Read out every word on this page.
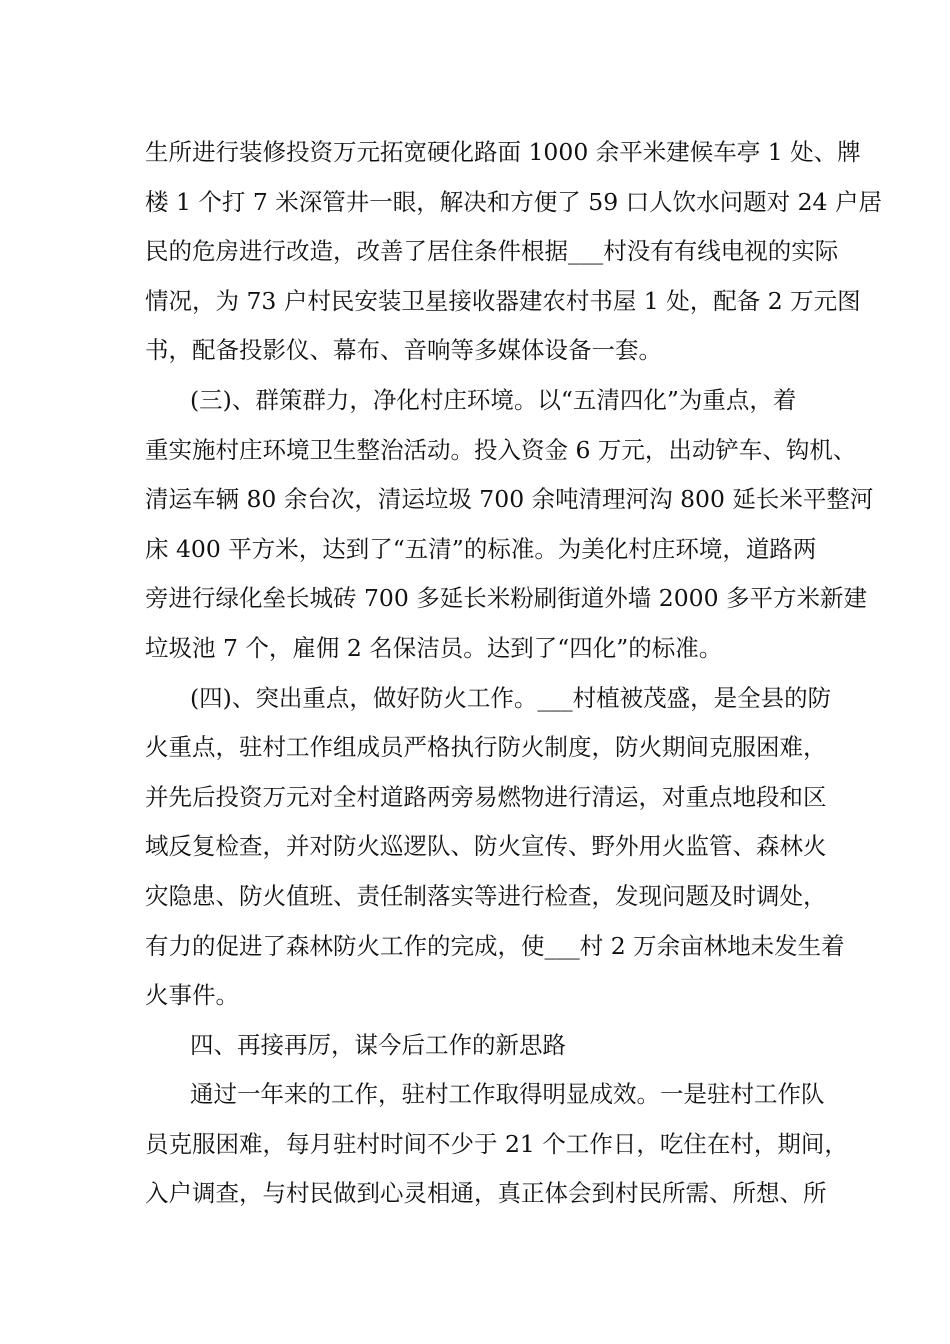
生所进行装修投资万元拓宽硬化路面 1000 余平米建候车亭 1 处、牌
楼 1 个打 7 米深管井一眼，解决和方便了 59 口人饮水问题对 24 户居
民的危房进行改造，改善了居住条件根据___村没有有线电视的实际
情况，为 73 户村民安装卫星接收器建农村书屋 1 处，配备 2 万元图
书，配备投影仪、幕布、音响等多媒体设备一套。
(三)、群策群力，净化村庄环境。以“五清四化”为重点，着
重实施村庄环境卫生整治活动。投入资金 6 万元，出动铲车、钩机、
清运车辆 80 余台次，清运垃圾 700 余吨清理河沟 800 延长米平整河
床 400 平方米，达到了“五清”的标准。为美化村庄环境，道路两
旁进行绿化垒长城砖 700 多延长米粉刷街道外墙 2000 多平方米新建
垃圾池 7 个，雇佣 2 名保洁员。达到了“四化”的标准。
(四)、突出重点，做好防火工作。___村植被茂盛，是全县的防
火重点，驻村工作组成员严格执行防火制度，防火期间克服困难，
并先后投资万元对全村道路两旁易燃物进行清运，对重点地段和区
域反复检查，并对防火巡逻队、防火宣传、野外用火监管、森林火
灾隐患、防火值班、责任制落实等进行检查，发现问题及时调处，
有力的促进了森林防火工作的完成，使___村 2 万余亩林地未发生着
火事件。
四、再接再厉，谋今后工作的新思路
通过一年来的工作，驻村工作取得明显成效。一是驻村工作队
员克服困难，每月驻村时间不少于 21 个工作日，吃住在村，期间，
入户调查，与村民做到心灵相通，真正体会到村民所需、所想、所
